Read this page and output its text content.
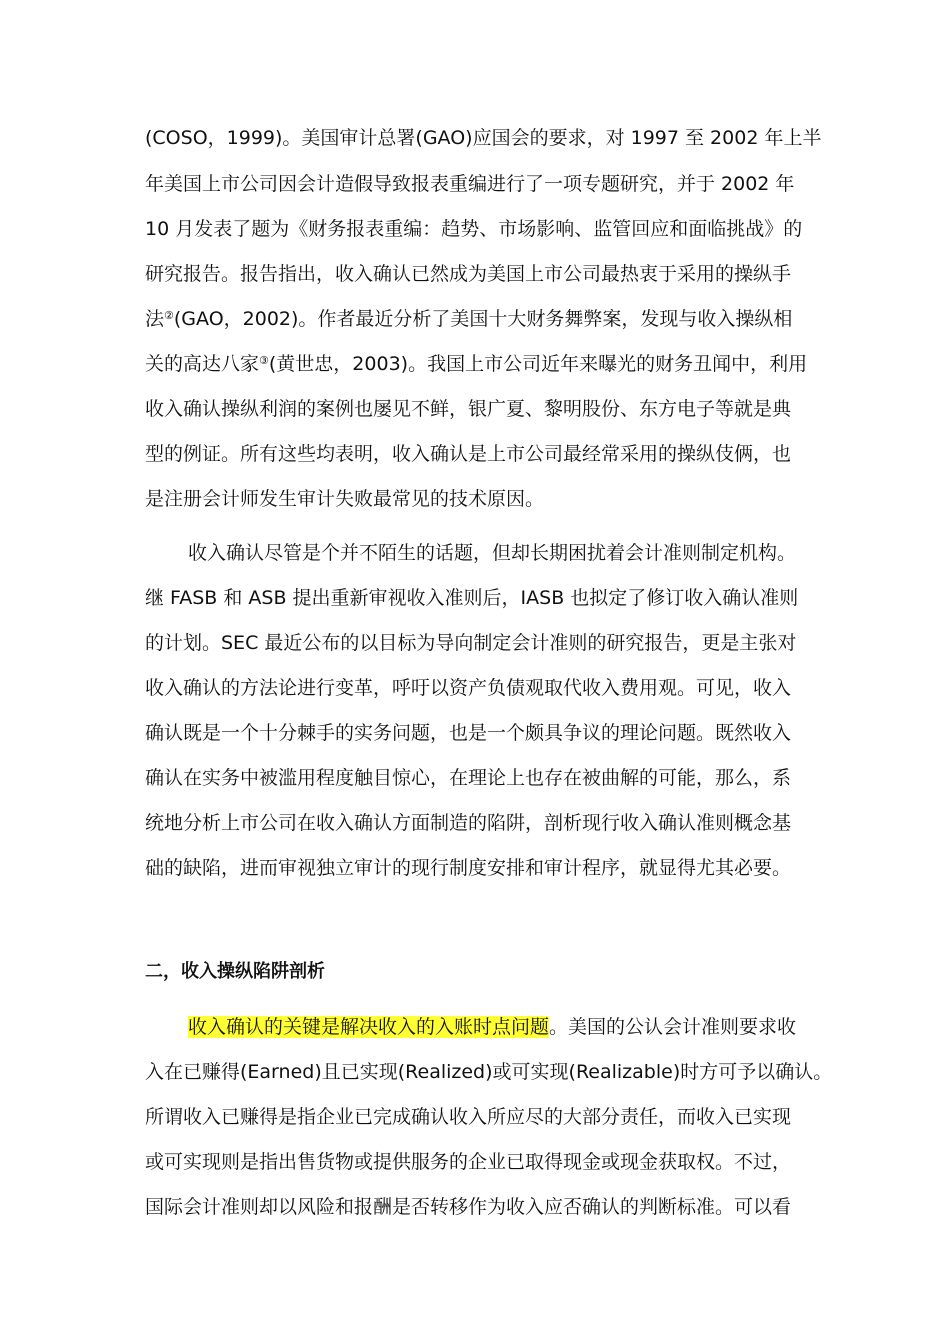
(COSO，1999)。美国审计总署(GAO)应国会的要求，对 1997 至 2002 年上半
年美国上市公司因会计造假导致报表重编进行了一项专题研究，并于 2002 年
10 月发表了题为《财务报表重编：趋势、市场影响、监管回应和面临挑战》的
研究报告。报告指出，收入确认已然成为美国上市公司最热衷于采用的操纵手
法②(GAO，2002)。作者最近分析了美国十大财务舞弊案，发现与收入操纵相
关的高达八家③(黄世忠，2003)。我国上市公司近年来曝光的财务丑闻中，利用
收入确认操纵利润的案例也屡见不鲜，银广夏、黎明股份、东方电子等就是典
型的例证。所有这些均表明，收入确认是上市公司最经常采用的操纵伎俩，也
是注册会计师发生审计失败最常见的技术原因。
收入确认尽管是个并不陌生的话题，但却长期困扰着会计准则制定机构。
继 FASB 和 ASB 提出重新审视收入准则后，IASB 也拟定了修订收入确认准则
的计划。SEC 最近公布的以目标为导向制定会计准则的研究报告，更是主张对
收入确认的方法论进行变革，呼吁以资产负债观取代收入费用观。可见，收入
确认既是一个十分棘手的实务问题，也是一个颇具争议的理论问题。既然收入
确认在实务中被滥用程度触目惊心，在理论上也存在被曲解的可能，那么，系
统地分析上市公司在收入确认方面制造的陷阱，剖析现行收入确认准则概念基
础的缺陷，进而审视独立审计的现行制度安排和审计程序，就显得尤其必要。
二，收入操纵陷阱剖析
收入确认的关键是解决收入的入账时点问题。美国的公认会计准则要求收
入在已赚得(Earned)且已实现(Realized)或可实现(Realizable)时方可予以确认。
所谓收入已赚得是指企业已完成确认收入所应尽的大部分责任，而收入已实现
或可实现则是指出售货物或提供服务的企业已取得现金或现金获取权。不过，
国际会计准则却以风险和报酬是否转移作为收入应否确认的判断标准。可以看
